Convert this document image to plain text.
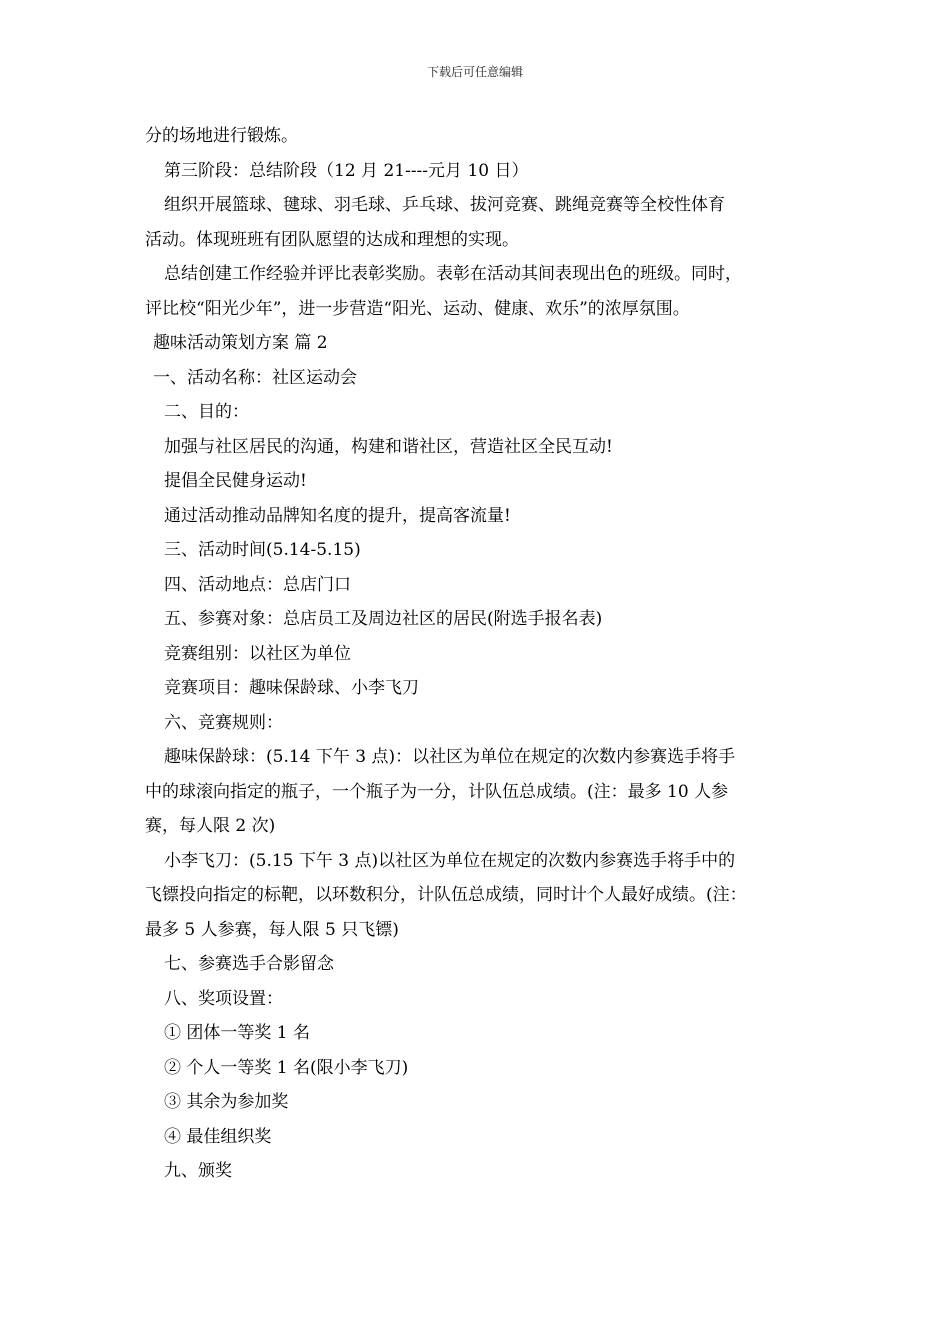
下载后可任意编辑
分的场地进行锻炼。
第三阶段：总结阶段（12 月 21----元月 10 日）
组织开展篮球、毽球、羽毛球、乒乓球、拔河竞赛、跳绳竞赛等全校性体育
活动。体现班班有团队愿望的达成和理想的实现。
总结创建工作经验并评比表彰奖励。表彰在活动其间表现出色的班级。同时，
评比校“阳光少年”，进一步营造“阳光、运动、健康、欢乐”的浓厚氛围。
趣味活动策划方案 篇 2
一、活动名称：社区运动会
二、目的：
加强与社区居民的沟通，构建和谐社区，营造社区全民互动!
提倡全民健身运动!
通过活动推动品牌知名度的提升，提高客流量!
三、活动时间(5.14-5.15)
四、活动地点：总店门口
五、参赛对象：总店员工及周边社区的居民(附选手报名表)
竞赛组别：以社区为单位
竞赛项目：趣味保龄球、小李飞刀
六、竞赛规则：
趣味保龄球：(5.14 下午 3 点)：以社区为单位在规定的次数内参赛选手将手
中的球滚向指定的瓶子，一个瓶子为一分，计队伍总成绩。(注：最多 10 人参
赛，每人限 2 次)
小李飞刀：(5.15 下午 3 点)以社区为单位在规定的次数内参赛选手将手中的
飞镖投向指定的标靶，以环数积分，计队伍总成绩，同时计个人最好成绩。(注：
最多 5 人参赛，每人限 5 只飞镖)
七、参赛选手合影留念
八、奖项设置：
① 团体一等奖 1 名
② 个人一等奖 1 名(限小李飞刀)
③ 其余为参加奖
④ 最佳组织奖
九、颁奖
